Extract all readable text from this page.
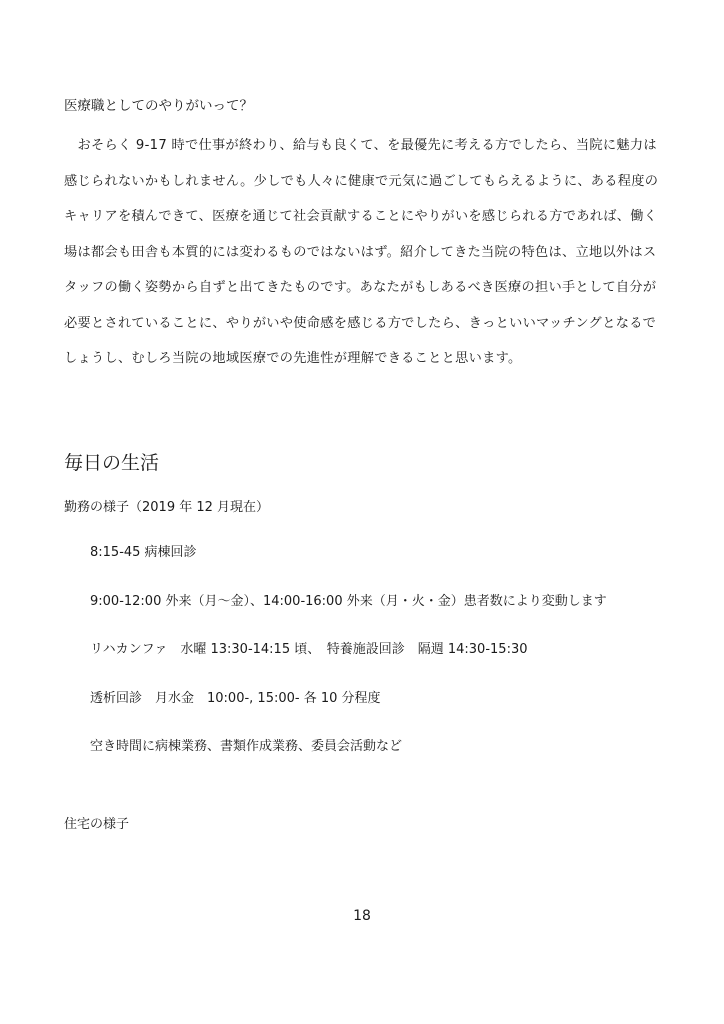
医療職としてのやりがいって？
　おそらく 9-17 時で仕事が終わり、給与も良くて、を最優先に考える方でしたら、当院に魅力は
感じられないかもしれません。少しでも人々に健康で元気に過ごしてもらえるように、ある程度の
キャリアを積んできて、医療を通じて社会貢献することにやりがいを感じられる方であれば、働く
場は都会も田舎も本質的には変わるものではないはず。紹介してきた当院の特色は、立地以外はス
タッフの働く姿勢から自ずと出てきたものです。あなたがもしあるべき医療の担い手として自分が
必要とされていることに、やりがいや使命感を感じる方でしたら、きっといいマッチングとなるで
しょうし、むしろ当院の地域医療での先進性が理解できることと思います。
毎日の生活
勤務の様子（2019 年 12 月現在）
8:15-45 病棟回診
9:00-12:00 外来（月～金）、14:00-16:00 外来（月・火・金）患者数により変動します
リハカンファ　水曜 13:30-14:15 頃、　特養施設回診　隔週 14:30-15:30
透析回診　月水金　10:00-, 15:00- 各 10 分程度
空き時間に病棟業務、書類作成業務、委員会活動など
住宅の様子
18
